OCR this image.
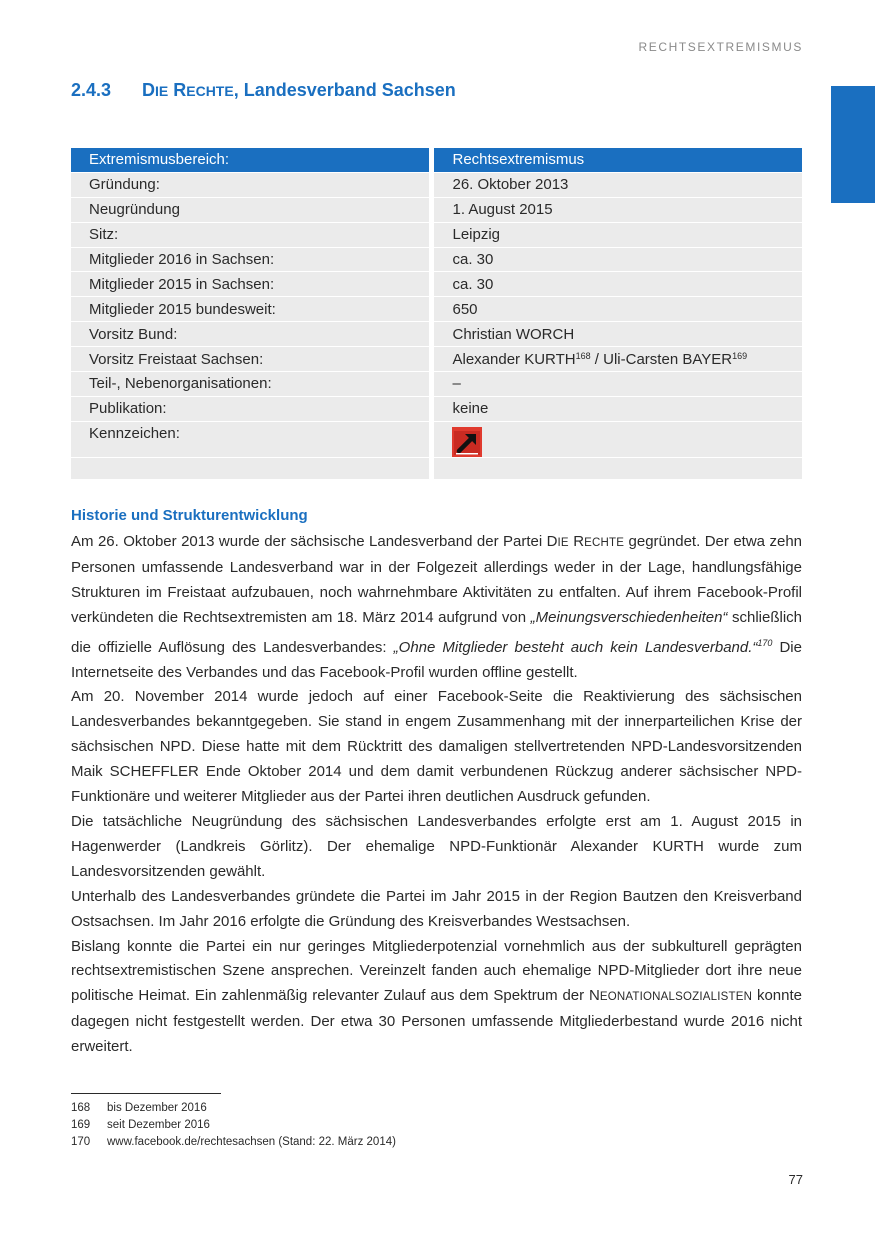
RECHTSEXTREMISMUS
2.4.3 DIE RECHTE, Landesverband Sachsen
Extremismusbereich:	Rechtsextremismus
Gründung:	26. Oktober 2013
Neugründung	1. August 2015
Sitz:	Leipzig
Mitglieder 2016 in Sachsen:	ca. 30
Mitglieder 2015 in Sachsen:	ca. 30
Mitglieder 2015 bundesweit:	650
Vorsitz Bund:	Christian WORCH
Vorsitz Freistaat Sachsen:	Alexander KURTH$^{168}$ / Uli-Carsten BAYER$^{169}$
Teil-, Nebenorganisationen:	–
Publikation:	keine
Kennzeichen:	

Historie und Strukturentwicklung

Am 26. Oktober 2013 wurde der sächsische Landesverband der Partei DIE RECHTE gegründet. Der etwa zehn Personen umfassende Landesverband war in der Folgezeit allerdings weder in der Lage, handlungsfähige Strukturen im Freistaat aufzubauen, noch wahrnehmbare Aktivitäten zu entfalten. Auf ihrem Facebook-Profil verkündeten die Rechtsextremisten am 18. März 2014 aufgrund von „Meinungsverschiedenheiten“ schließlich die offizielle Auflösung des Landesverbandes: „Ohne Mitglieder besteht auch kein Landesverband.“$^{170}$ Die Internetseite des Verbandes und das Facebook-Profil wurden offline gestellt.

Am 20. November 2014 wurde jedoch auf einer Facebook-Seite die Reaktivierung des sächsischen Landesverbandes bekanntgegeben. Sie stand in engem Zusammenhang mit der innerparteilichen Krise der sächsischen NPD. Diese hatte mit dem Rücktritt des damaligen stellvertretenden NPD-Landesvorsitzenden Maik SCHEFFLER Ende Oktober 2014 und dem damit verbundenen Rückzug anderer sächsischer NPD-Funktionäre und weiterer Mitglieder aus der Partei ihren deutlichen Ausdruck gefunden.

Die tatsächliche Neugründung des sächsischen Landesverbandes erfolgte erst am 1. August 2015 in Hagenwerder (Landkreis Görlitz). Der ehemalige NPD-Funktionär Alexander KURTH wurde zum Landesvorsitzenden gewählt.

Unterhalb des Landesverbandes gründete die Partei im Jahr 2015 in der Region Bautzen den Kreisverband Ostsachsen. Im Jahr 2016 erfolgte die Gründung des Kreisverbandes Westsachsen.

Bislang konnte die Partei ein nur geringes Mitgliederpotenzial vornehmlich aus der subkulturell geprägten rechtsextremistischen Szene ansprechen. Vereinzelt fanden auch ehemalige NPD-Mitglieder dort ihre neue politische Heimat. Ein zahlenmäßig relevanter Zulauf aus dem Spektrum der NEONATIONALSOZIALISTEN konnte dagegen nicht festgestellt werden. Der etwa 30 Personen umfassende Mitgliederbestand wurde 2016 nicht erweitert.

168 bis Dezember 2016
169 seit Dezember 2016
170 www.facebook.de/rechtesachsen (Stand: 22. März 2014)
77
